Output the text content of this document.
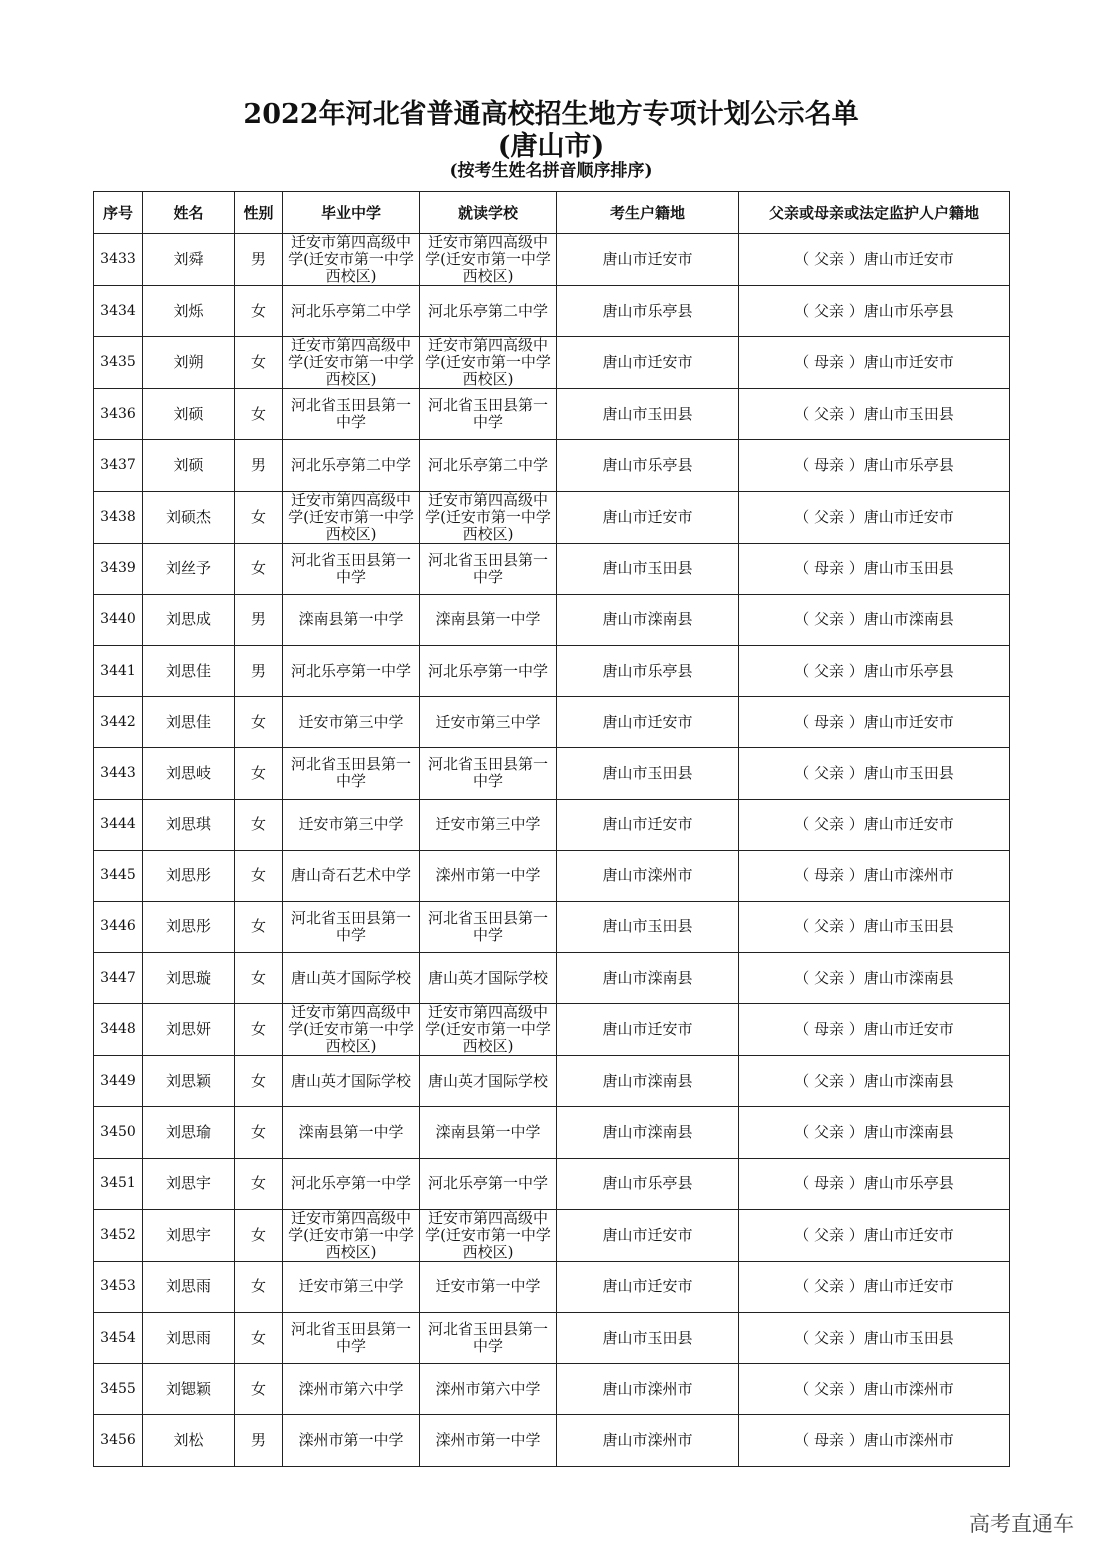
2022年河北省普通高校招生地方专项计划公示名单
(唐山市)
(按考生姓名拼音顺序排序)
序号	姓名	性别	毕业中学	就读学校	考生户籍地	父亲或母亲或法定监护人户籍地
3433	刘舜	男	迁安市第四高级中学(迁安市第一中学西校区)	迁安市第四高级中学(迁安市第一中学西校区)	唐山市迁安市	（ 父亲 ）唐山市迁安市
3434	刘烁	女	河北乐亭第二中学	河北乐亭第二中学	唐山市乐亭县	（ 父亲 ）唐山市乐亭县
3435	刘朔	女	迁安市第四高级中学(迁安市第一中学西校区)	迁安市第四高级中学(迁安市第一中学西校区)	唐山市迁安市	（ 母亲 ）唐山市迁安市
3436	刘硕	女	河北省玉田县第一中学	河北省玉田县第一中学	唐山市玉田县	（ 父亲 ）唐山市玉田县
3437	刘硕	男	河北乐亭第二中学	河北乐亭第二中学	唐山市乐亭县	（ 母亲 ）唐山市乐亭县
3438	刘硕杰	女	迁安市第四高级中学(迁安市第一中学西校区)	迁安市第四高级中学(迁安市第一中学西校区)	唐山市迁安市	（ 父亲 ）唐山市迁安市
3439	刘丝予	女	河北省玉田县第一中学	河北省玉田县第一中学	唐山市玉田县	（ 母亲 ）唐山市玉田县
3440	刘思成	男	滦南县第一中学	滦南县第一中学	唐山市滦南县	（ 父亲 ）唐山市滦南县
3441	刘思佳	男	河北乐亭第一中学	河北乐亭第一中学	唐山市乐亭县	（ 父亲 ）唐山市乐亭县
3442	刘思佳	女	迁安市第三中学	迁安市第三中学	唐山市迁安市	（ 母亲 ）唐山市迁安市
3443	刘思岐	女	河北省玉田县第一中学	河北省玉田县第一中学	唐山市玉田县	（ 父亲 ）唐山市玉田县
3444	刘思琪	女	迁安市第三中学	迁安市第三中学	唐山市迁安市	（ 父亲 ）唐山市迁安市
3445	刘思彤	女	唐山奇石艺术中学	滦州市第一中学	唐山市滦州市	（ 母亲 ）唐山市滦州市
3446	刘思彤	女	河北省玉田县第一中学	河北省玉田县第一中学	唐山市玉田县	（ 父亲 ）唐山市玉田县
3447	刘思璇	女	唐山英才国际学校	唐山英才国际学校	唐山市滦南县	（ 父亲 ）唐山市滦南县
3448	刘思妍	女	迁安市第四高级中学(迁安市第一中学西校区)	迁安市第四高级中学(迁安市第一中学西校区)	唐山市迁安市	（ 母亲 ）唐山市迁安市
3449	刘思颖	女	唐山英才国际学校	唐山英才国际学校	唐山市滦南县	（ 父亲 ）唐山市滦南县
3450	刘思瑜	女	滦南县第一中学	滦南县第一中学	唐山市滦南县	（ 父亲 ）唐山市滦南县
3451	刘思宇	女	河北乐亭第一中学	河北乐亭第一中学	唐山市乐亭县	（ 母亲 ）唐山市乐亭县
3452	刘思宇	女	迁安市第四高级中学(迁安市第一中学西校区)	迁安市第四高级中学(迁安市第一中学西校区)	唐山市迁安市	（ 父亲 ）唐山市迁安市
3453	刘思雨	女	迁安市第三中学	迁安市第一中学	唐山市迁安市	（ 父亲 ）唐山市迁安市
3454	刘思雨	女	河北省玉田县第一中学	河北省玉田县第一中学	唐山市玉田县	（ 父亲 ）唐山市玉田县
3455	刘锶颖	女	滦州市第六中学	滦州市第六中学	唐山市滦州市	（ 父亲 ）唐山市滦州市
3456	刘松	男	滦州市第一中学	滦州市第一中学	唐山市滦州市	（ 母亲 ）唐山市滦州市
高考直通车
